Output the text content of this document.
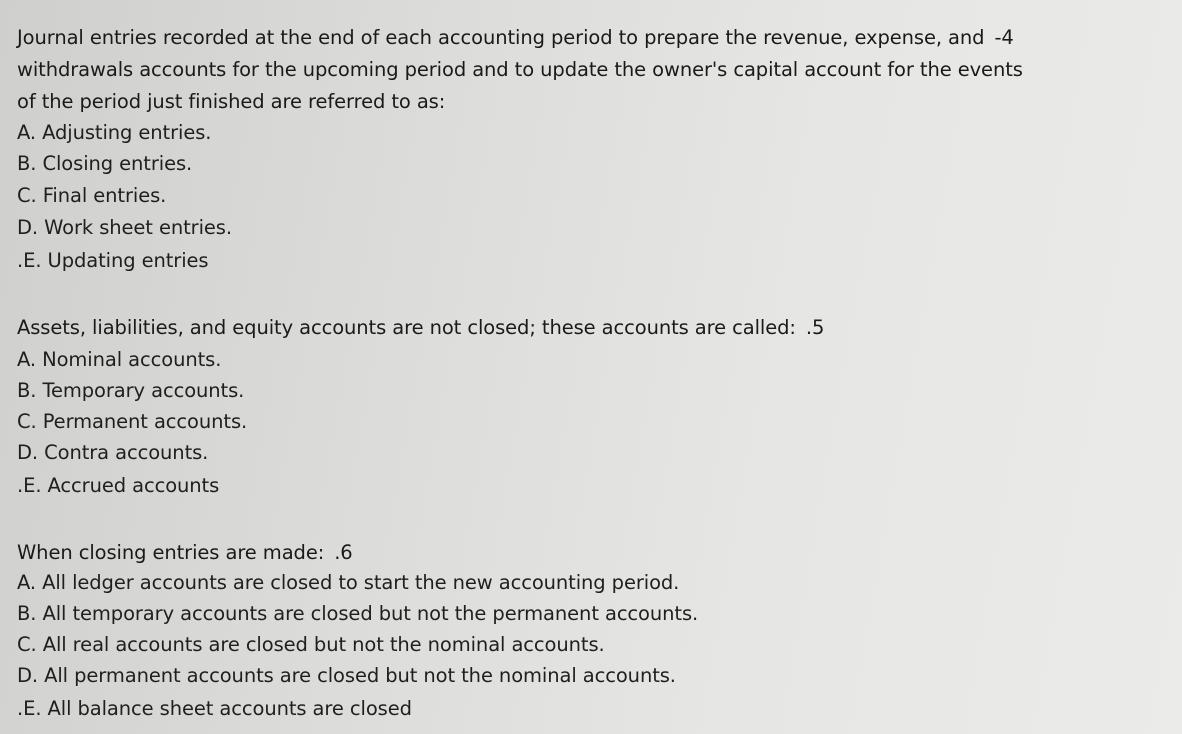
Journal entries recorded at the end of each accounting period to prepare the revenue, expense, and -4
withdrawals accounts for the upcoming period and to update the owner's capital account for the events
of the period just finished are referred to as:
A. Adjusting entries.
B. Closing entries.
C. Final entries.
D. Work sheet entries.
.E. Updating entries
Assets, liabilities, and equity accounts are not closed; these accounts are called: .5
A. Nominal accounts.
B. Temporary accounts.
C. Permanent accounts.
D. Contra accounts.
.E. Accrued accounts
When closing entries are made: .6
A. All ledger accounts are closed to start the new accounting period.
B. All temporary accounts are closed but not the permanent accounts.
C. All real accounts are closed but not the nominal accounts.
D. All permanent accounts are closed but not the nominal accounts.
.E. All balance sheet accounts are closed
